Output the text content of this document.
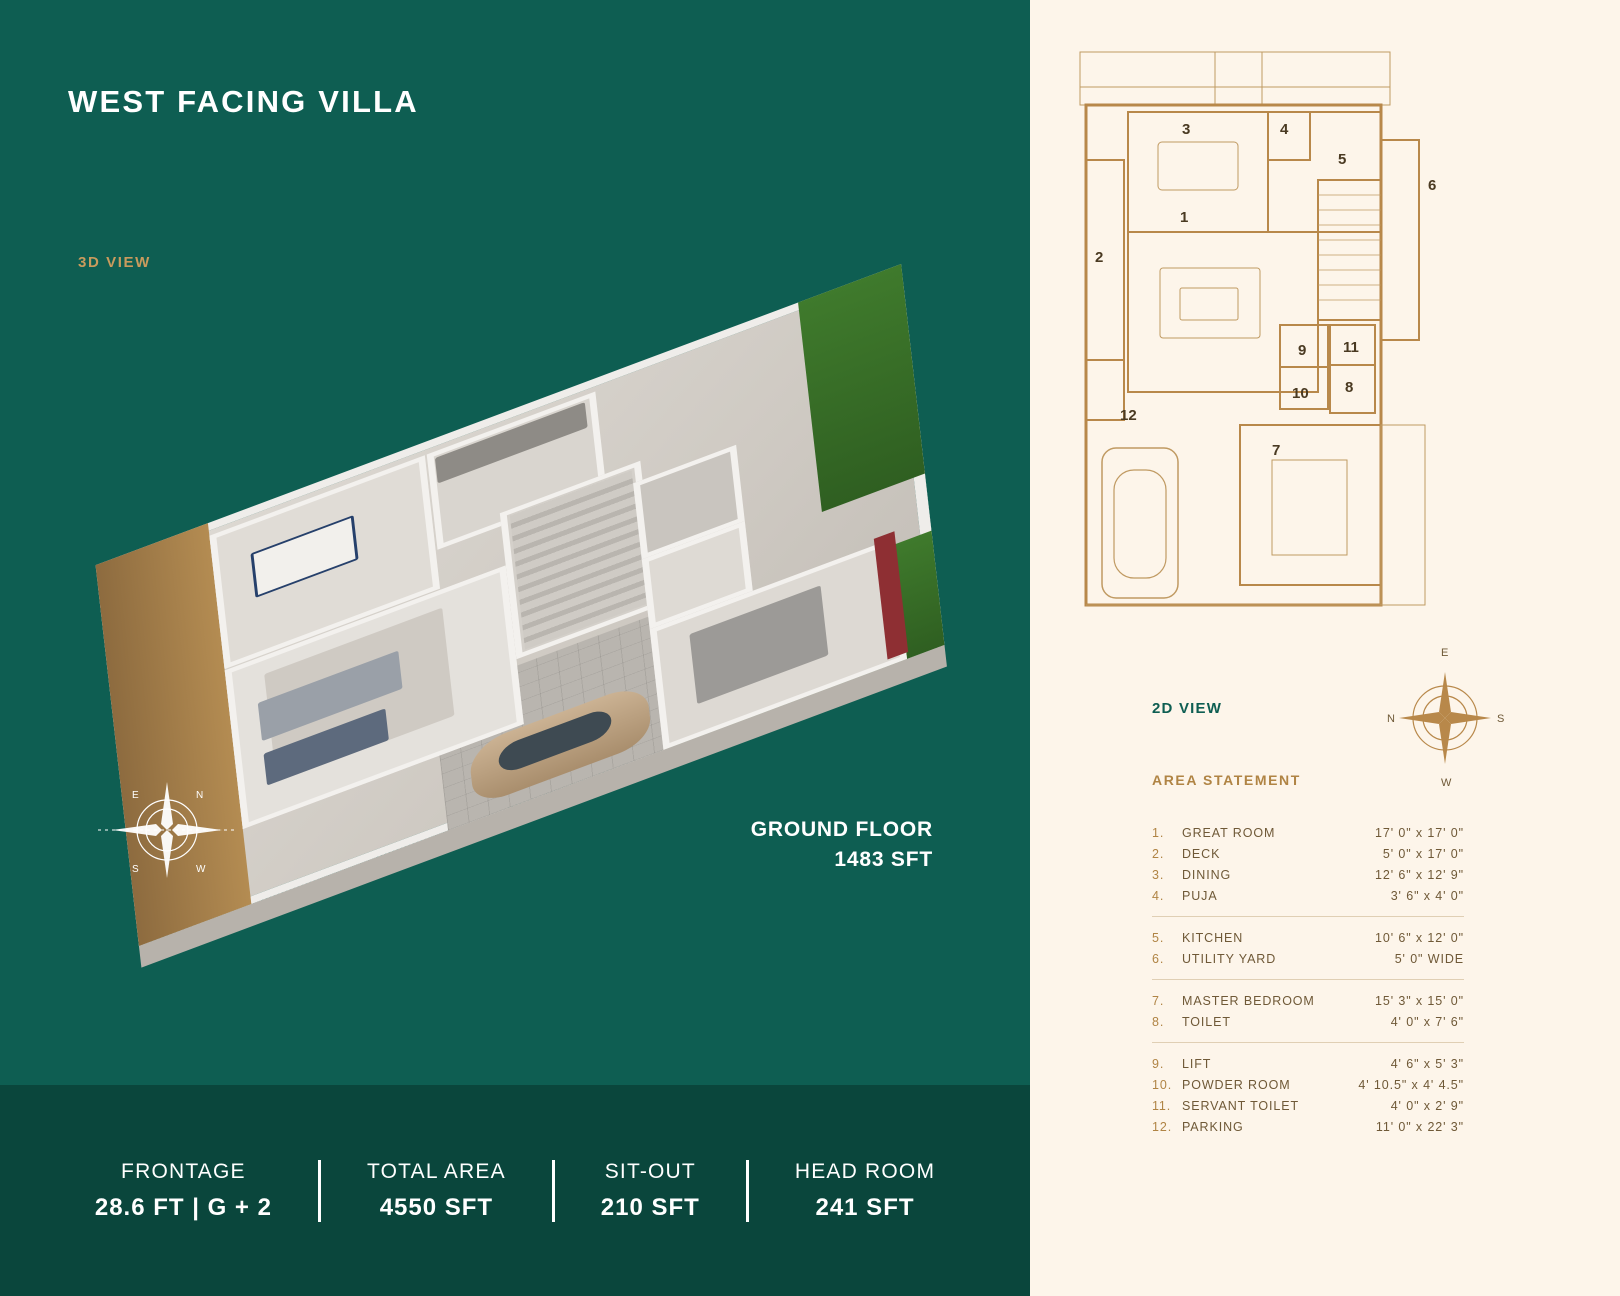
WEST FACING VILLA
3D VIEW
E	N
S	W
GROUND FLOOR
1483 SFT
FRONTAGE
28.6 FT | G + 2
TOTAL AREA
4550 SFT
SIT-OUT
210 SFT
HEAD ROOM
241 SFT
1
2
3	4
5
6
7
8
9
10
11
12
E
N	S
W
2D VIEW
AREA STATEMENT
1.	GREAT ROOM	17' 0" x 17' 0"
2.	DECK	5' 0" x 17' 0"
3.	DINING	12' 6" x 12' 9"
4.	PUJA	3' 6" x 4' 0"
5.	KITCHEN	10' 6" x 12' 0"
6.	UTILITY YARD	5' 0" WIDE
7.	MASTER BEDROOM	15' 3" x 15' 0"
8.	TOILET	4' 0" x 7' 6"
9.	LIFT	4' 6" x 5' 3"
10. POWDER ROOM	4' 10.5" x 4' 4.5"
11. SERVANT TOILET	4' 0" x 2' 9"
12. PARKING	11' 0" x 22' 3"
